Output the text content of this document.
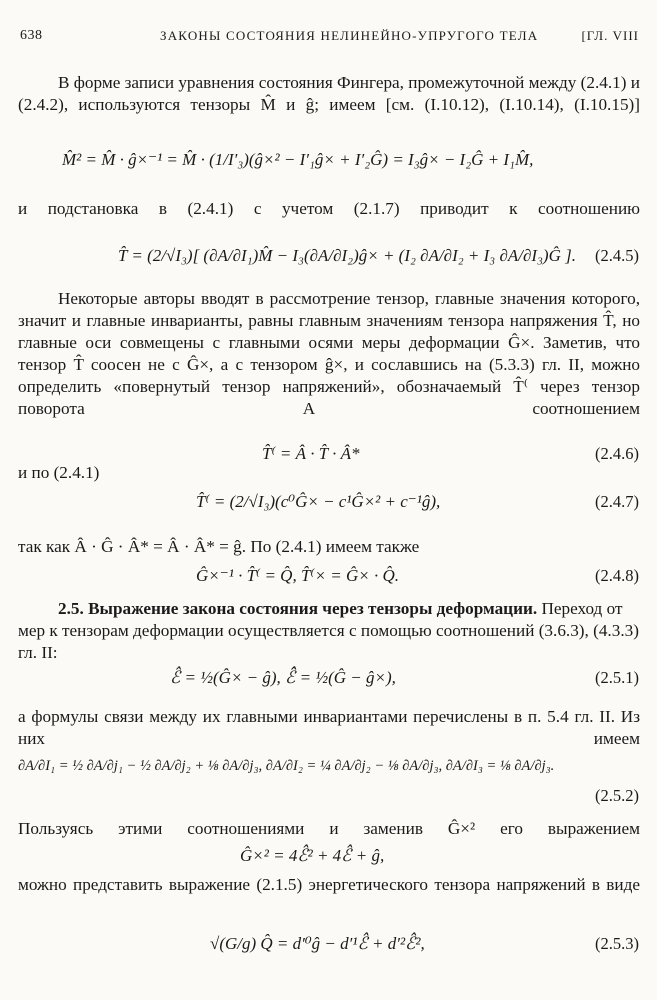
638	ЗАКОНЫ СОСТОЯНИЯ НЕЛИНЕЙНО-УПРУГОГО ТЕЛА	[ГЛ. VIII

В форме записи уравнения состояния Фингера, промежуточной между (2.4.1) и (2.4.2), используются тензоры M̂ и ĝ; имеем [см. (I.10.12), (I.10.14), (I.10.15)]

M̂² = M̂ · ĝ×⁻¹ = M̂ · (1/I′₃)(ĝ×² − I′₁ĝ× + I′₂Ĝ) = I₃ĝ× − I₂Ĝ + I₁M̂,

и подстановка в (2.4.1) с учетом (2.1.7) приводит к соотношению

T̂ = (2/√I₃)[ (∂A/∂I₁)M̂ − I₃(∂A/∂I₂)ĝ× + (I₂ ∂A/∂I₂ + I₃ ∂A/∂I₃)Ĝ ]. (2.4.5)

Некоторые авторы вводят в рассмотрение тензор, главные значения которого, значит и главные инварианты, равны главным значениям тензора напряжения T̂, но главные оси совмещены с главными осями меры деформации Ĝ×. Заметив, что тензор T̂ соосен не с Ĝ×, а с тензором ĝ×, и сославшись на (5.3.3) гл. II, можно определить «повернутый тензор напряжений», обозначаемый T̂⁽ через тензор поворота A соотношением

T̂⁽ = Â · T̂ · Â*	(2.4.6)

и по (2.4.1)

T̂⁽ = (2/√I₃)(c⁰Ĝ× − c¹Ĝ×² + c⁻¹ĝ),	(2.4.7)

так как Â · Ĝ · Â* = Â · Â* = ĝ. По (2.4.1) имеем также

Ĝ×⁻¹ · T̂⁽ = Q̂, T̂⁽× = Ĝ× · Q̂.	(2.4.8)

2.5. Выражение закона состояния через тензоры деформации. Переход от мер к тензорам деформации осуществляется с помощью соотношений (3.6.3), (4.3.3) гл. II:

ℰ̂ = ½(Ĝ× − ĝ), ℰ̂̂ = ½(Ĝ − ĝ×),	(2.5.1)

а формулы связи между их главными инвариантами перечислены в п. 5.4 гл. II. Из них имеем

∂A/∂I₁ = ½ ∂A/∂j₁ − ½ ∂A/∂j₂ + ⅛ ∂A/∂j₃, ∂A/∂I₂ = ¼ ∂A/∂j₂ − ⅛ ∂A/∂j₃, ∂A/∂I₃ = ⅛ ∂A/∂j₃.
(2.5.2)

Пользуясь этими соотношениями и заменив Ĝ×² его выражением

Ĝ×² = 4ℰ̂² + 4ℰ̂ + ĝ,

можно представить выражение (2.1.5) энергетического тензора напряжений в виде

√(G/g) Q̂ = d′⁰ĝ − d′¹ℰ̂ + d′²ℰ̂²,	(2.5.3)
